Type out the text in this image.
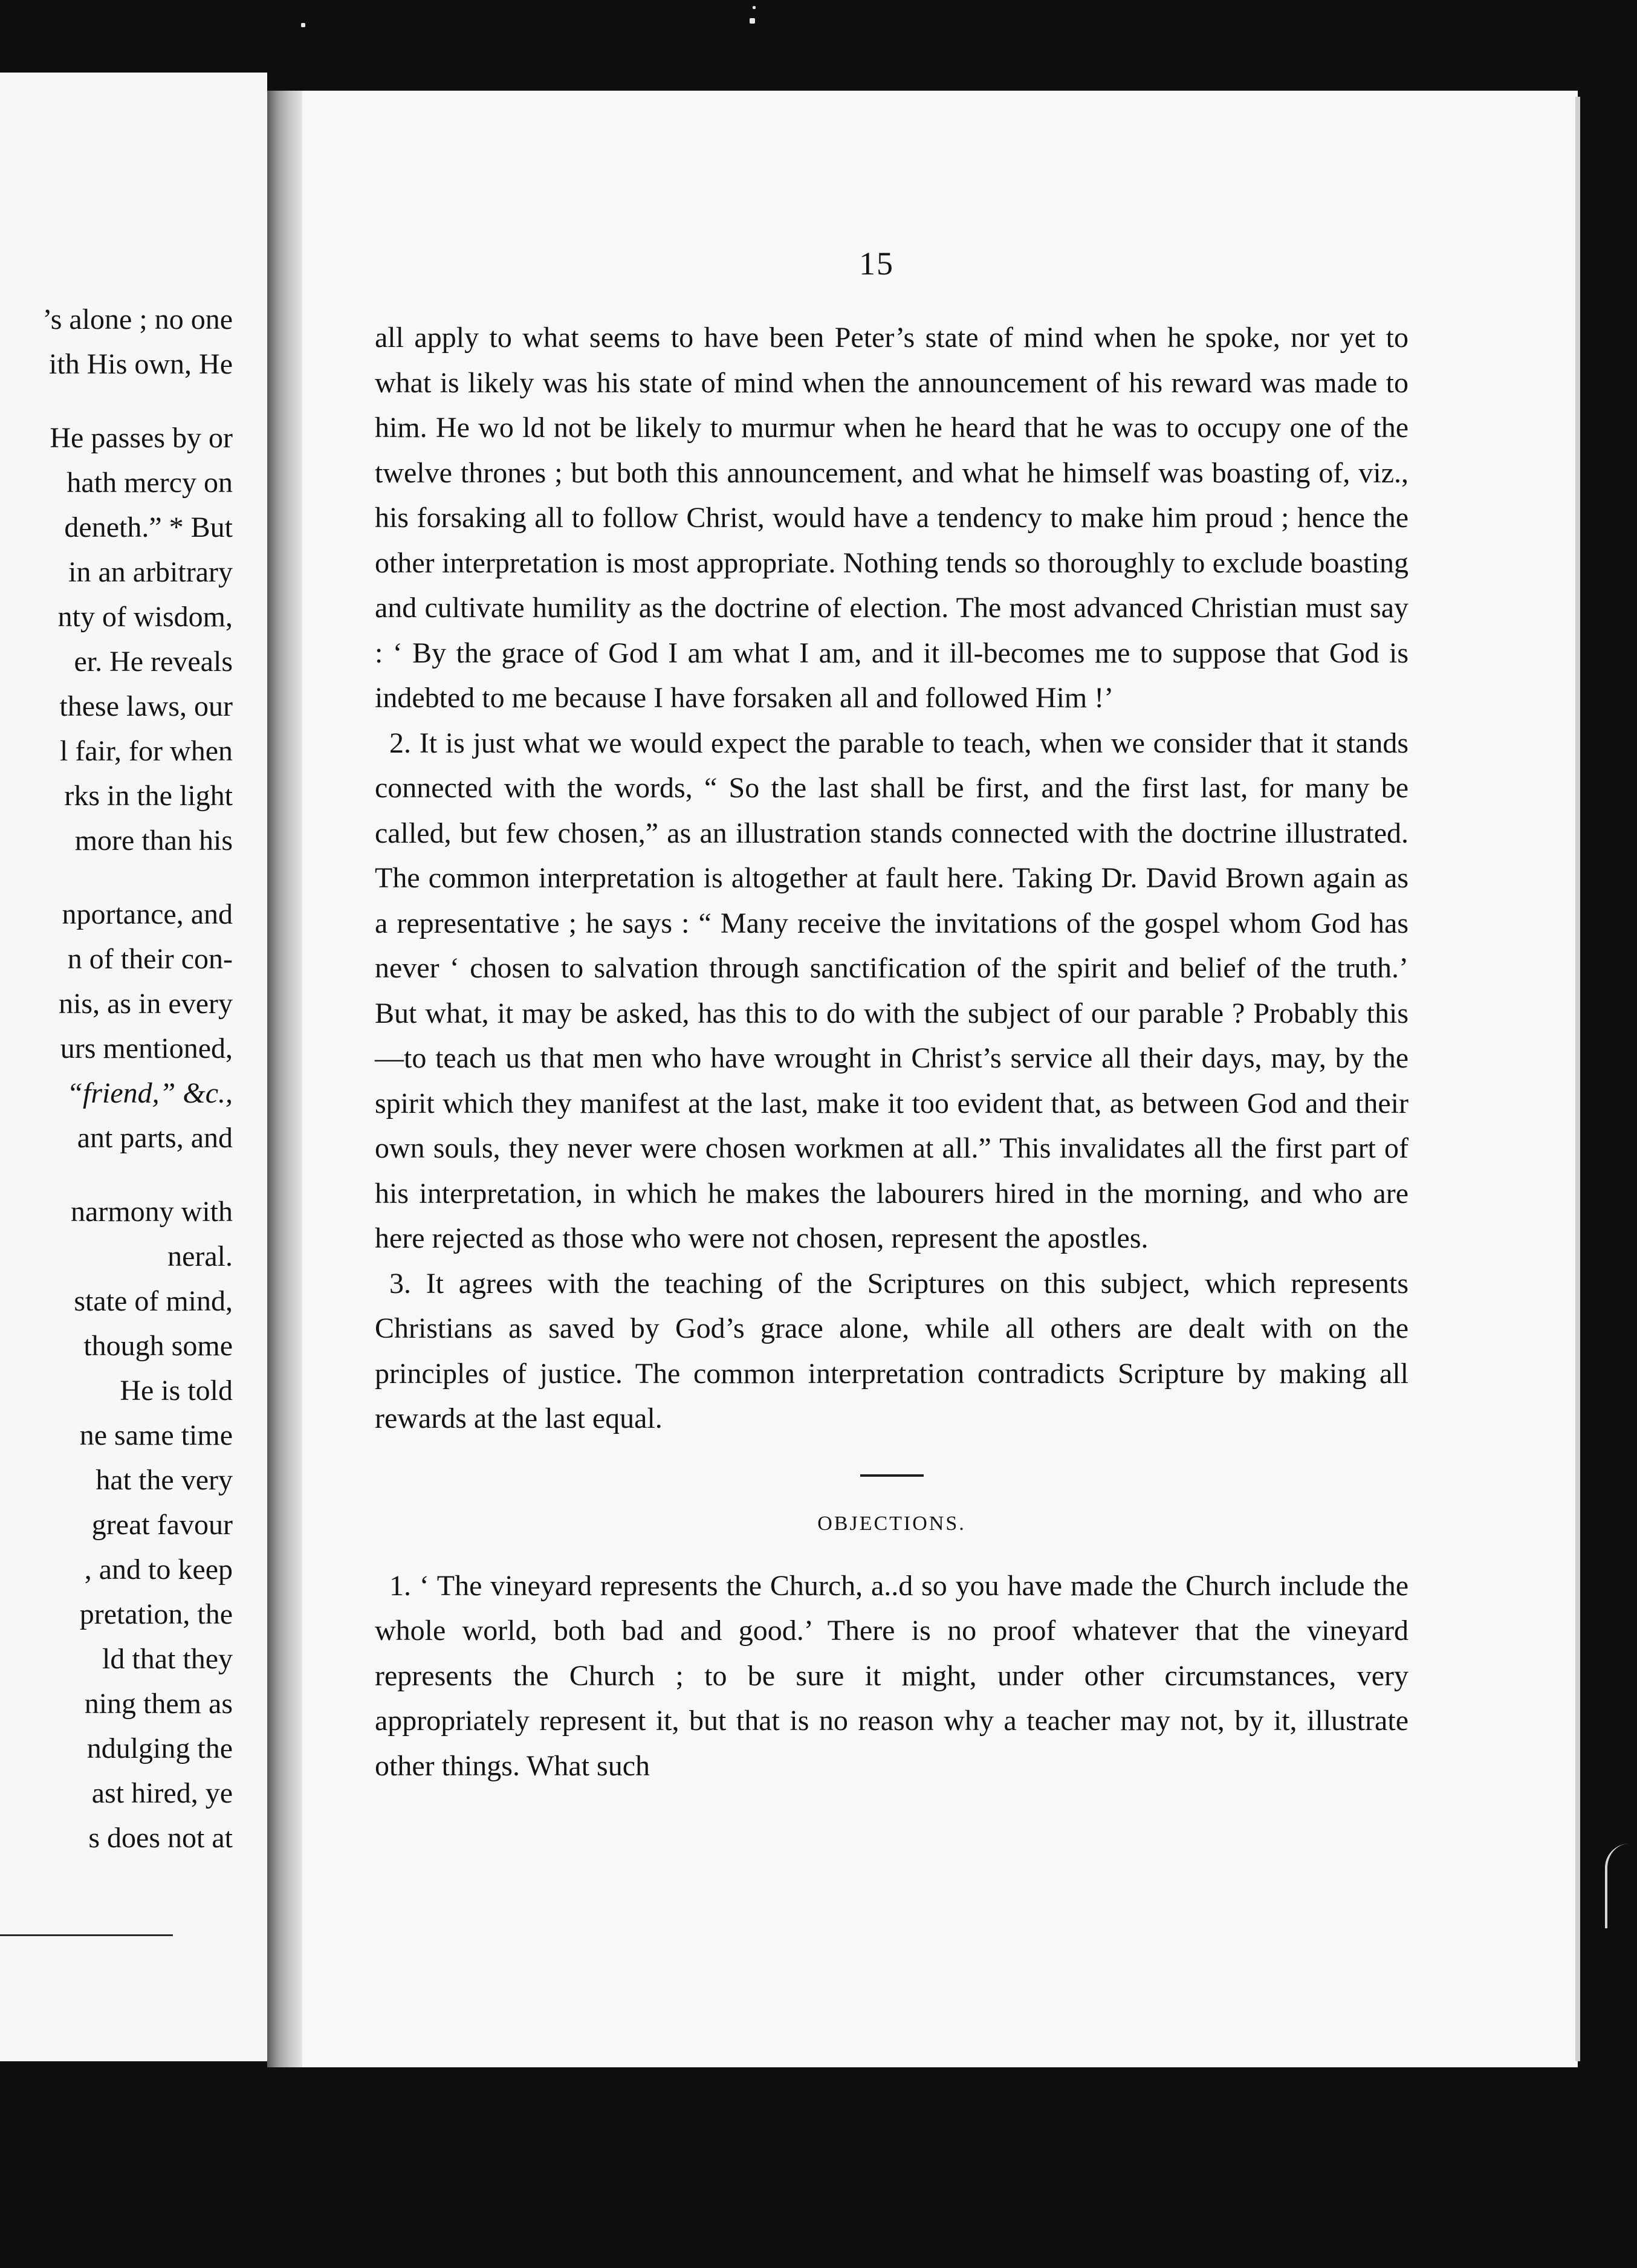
’s alone ; no one
ith His own, He
He passes by or
hath mercy on
deneth.” * But
in an arbitrary
nty of wisdom,
er. He reveals
these laws, our
l fair, for when
rks in the light
more than his
nportance, and
n of their con-
nis, as in every
urs mentioned,
“friend,” &c.,
ant parts, and
narmony with
neral.
state of mind,
though some
He is told
ne same time
hat the very
great favour
, and to keep
pretation, the
ld that they
ning them as
ndulging the
ast hired, ye
s does not at
15

all apply to what seems to have been Peter’s state of mind when he spoke, nor yet to what is likely was his state of mind when the announcement of his reward was made to him. He wo ld not be likely to murmur when he heard that he was to occupy one of the twelve thrones ; but both this announcement, and what he himself was boasting of, viz., his forsaking all to follow Christ, would have a tendency to make him proud ; hence the other interpretation is most appropriate. Nothing tends so thoroughly to exclude boasting and cultivate humility as the doctrine of election. The most advanced Christian must say : ‘ By the grace of God I am what I am, and it ill-becomes me to suppose that God is indebted to me because I have forsaken all and followed Him !’

2. It is just what we would expect the parable to teach, when we consider that it stands connected with the words, “ So the last shall be first, and the first last, for many be called, but few chosen,” as an illustration stands connected with the doctrine illustrated. The common interpretation is altogether at fault here. Taking Dr. David Brown again as a representative ; he says : “ Many receive the invitations of the gospel whom God has never ‘ chosen to salvation through sanctification of the spirit and belief of the truth.’ But what, it may be asked, has this to do with the subject of our parable ? Probably this—to teach us that men who have wrought in Christ’s service all their days, may, by the spirit which they manifest at the last, make it too evident that, as between God and their own souls, they never were chosen workmen at all.” This invalidates all the first part of his interpretation, in which he makes the labourers hired in the morning, and who are here rejected as those who were not chosen, represent the apostles.

3. It agrees with the teaching of the Scriptures on this subject, which represents Christians as saved by God’s grace alone, while all others are dealt with on the principles of justice. The common interpretation contradicts Scripture by making all rewards at the last equal.

OBJECTIONS.

1. ‘ The vineyard represents the Church, a..d so you have made the Church include the whole world, both bad and good.’ There is no proof whatever that the vineyard represents the Church ; to be sure it might, under other circumstances, very appropriately represent it, but that is no reason why a teacher may not, by it, illustrate other things. What such
